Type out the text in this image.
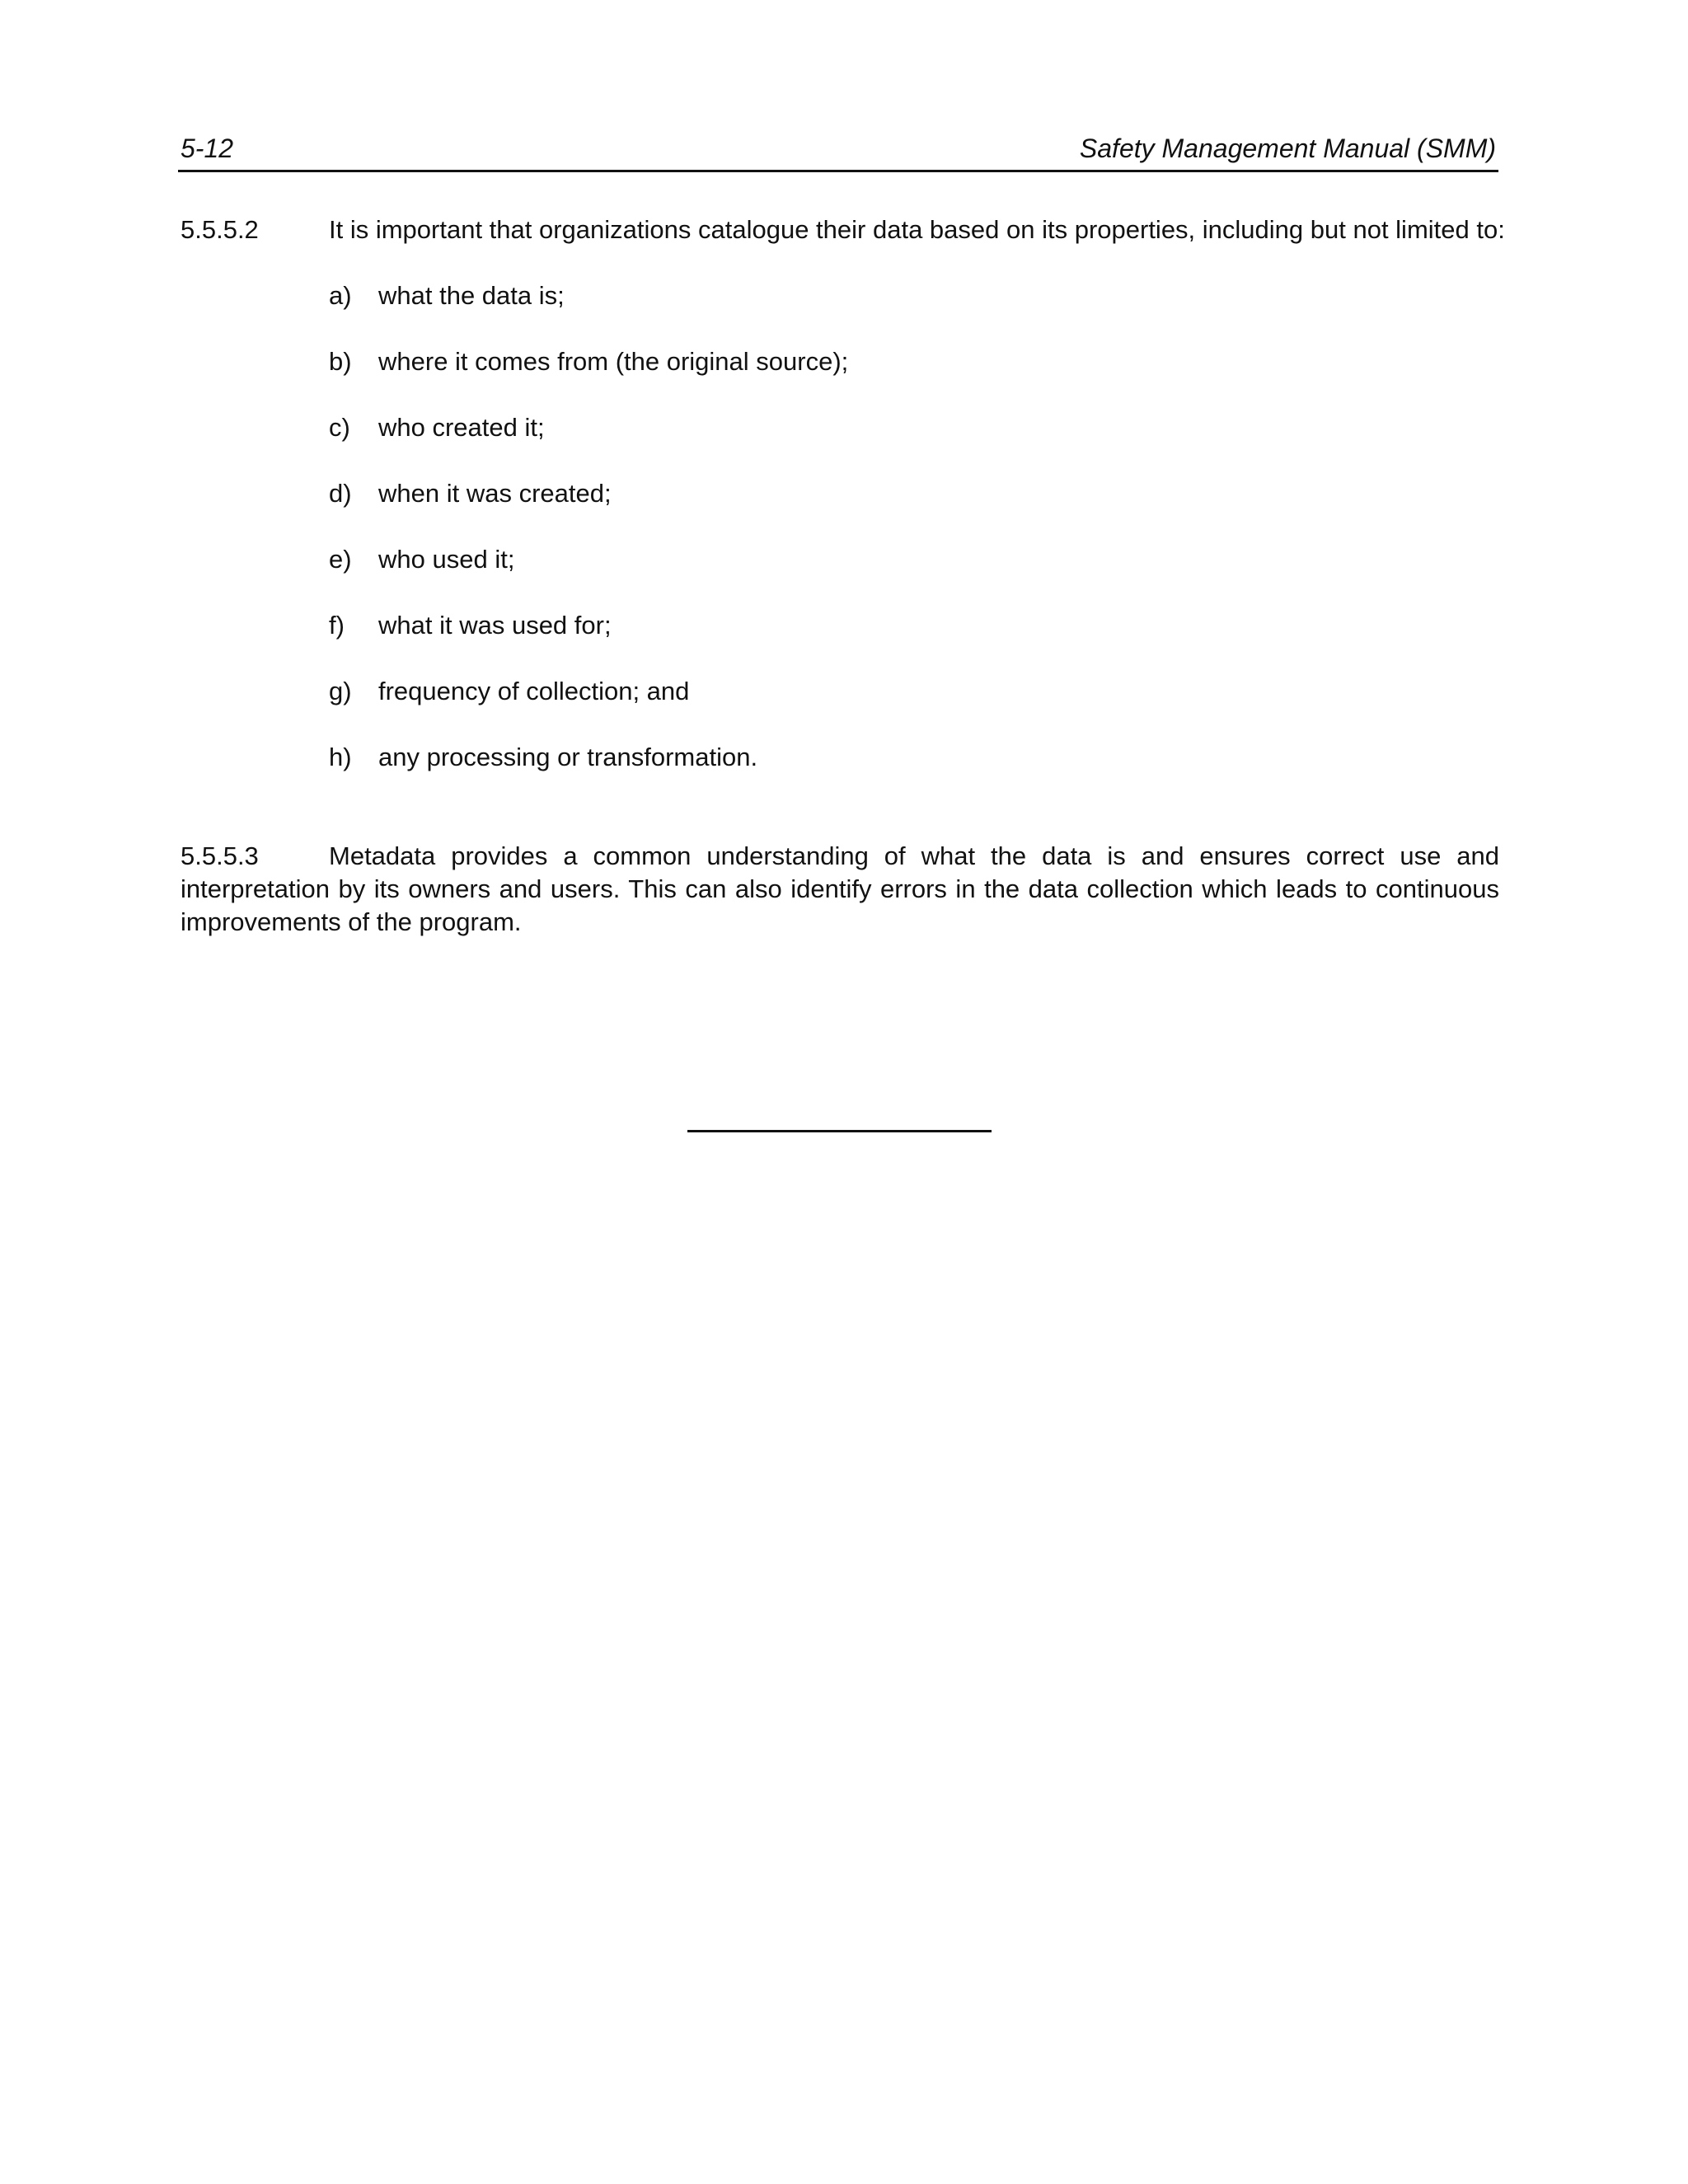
5-12	Safety Management Manual (SMM)
5.5.5.2	It is important that organizations catalogue their data based on its properties, including but not limited to:
a) what the data is;
b) where it comes from (the original source);
c) who created it;
d) when it was created;
e) who used it;
f) what it was used for;
g) frequency of collection; and
h) any processing or transformation.

5.5.5.3	Metadata provides a common understanding of what the data is and ensures correct use and interpretation by its owners and users. This can also identify errors in the data collection which leads to continuous improvements of the program.
